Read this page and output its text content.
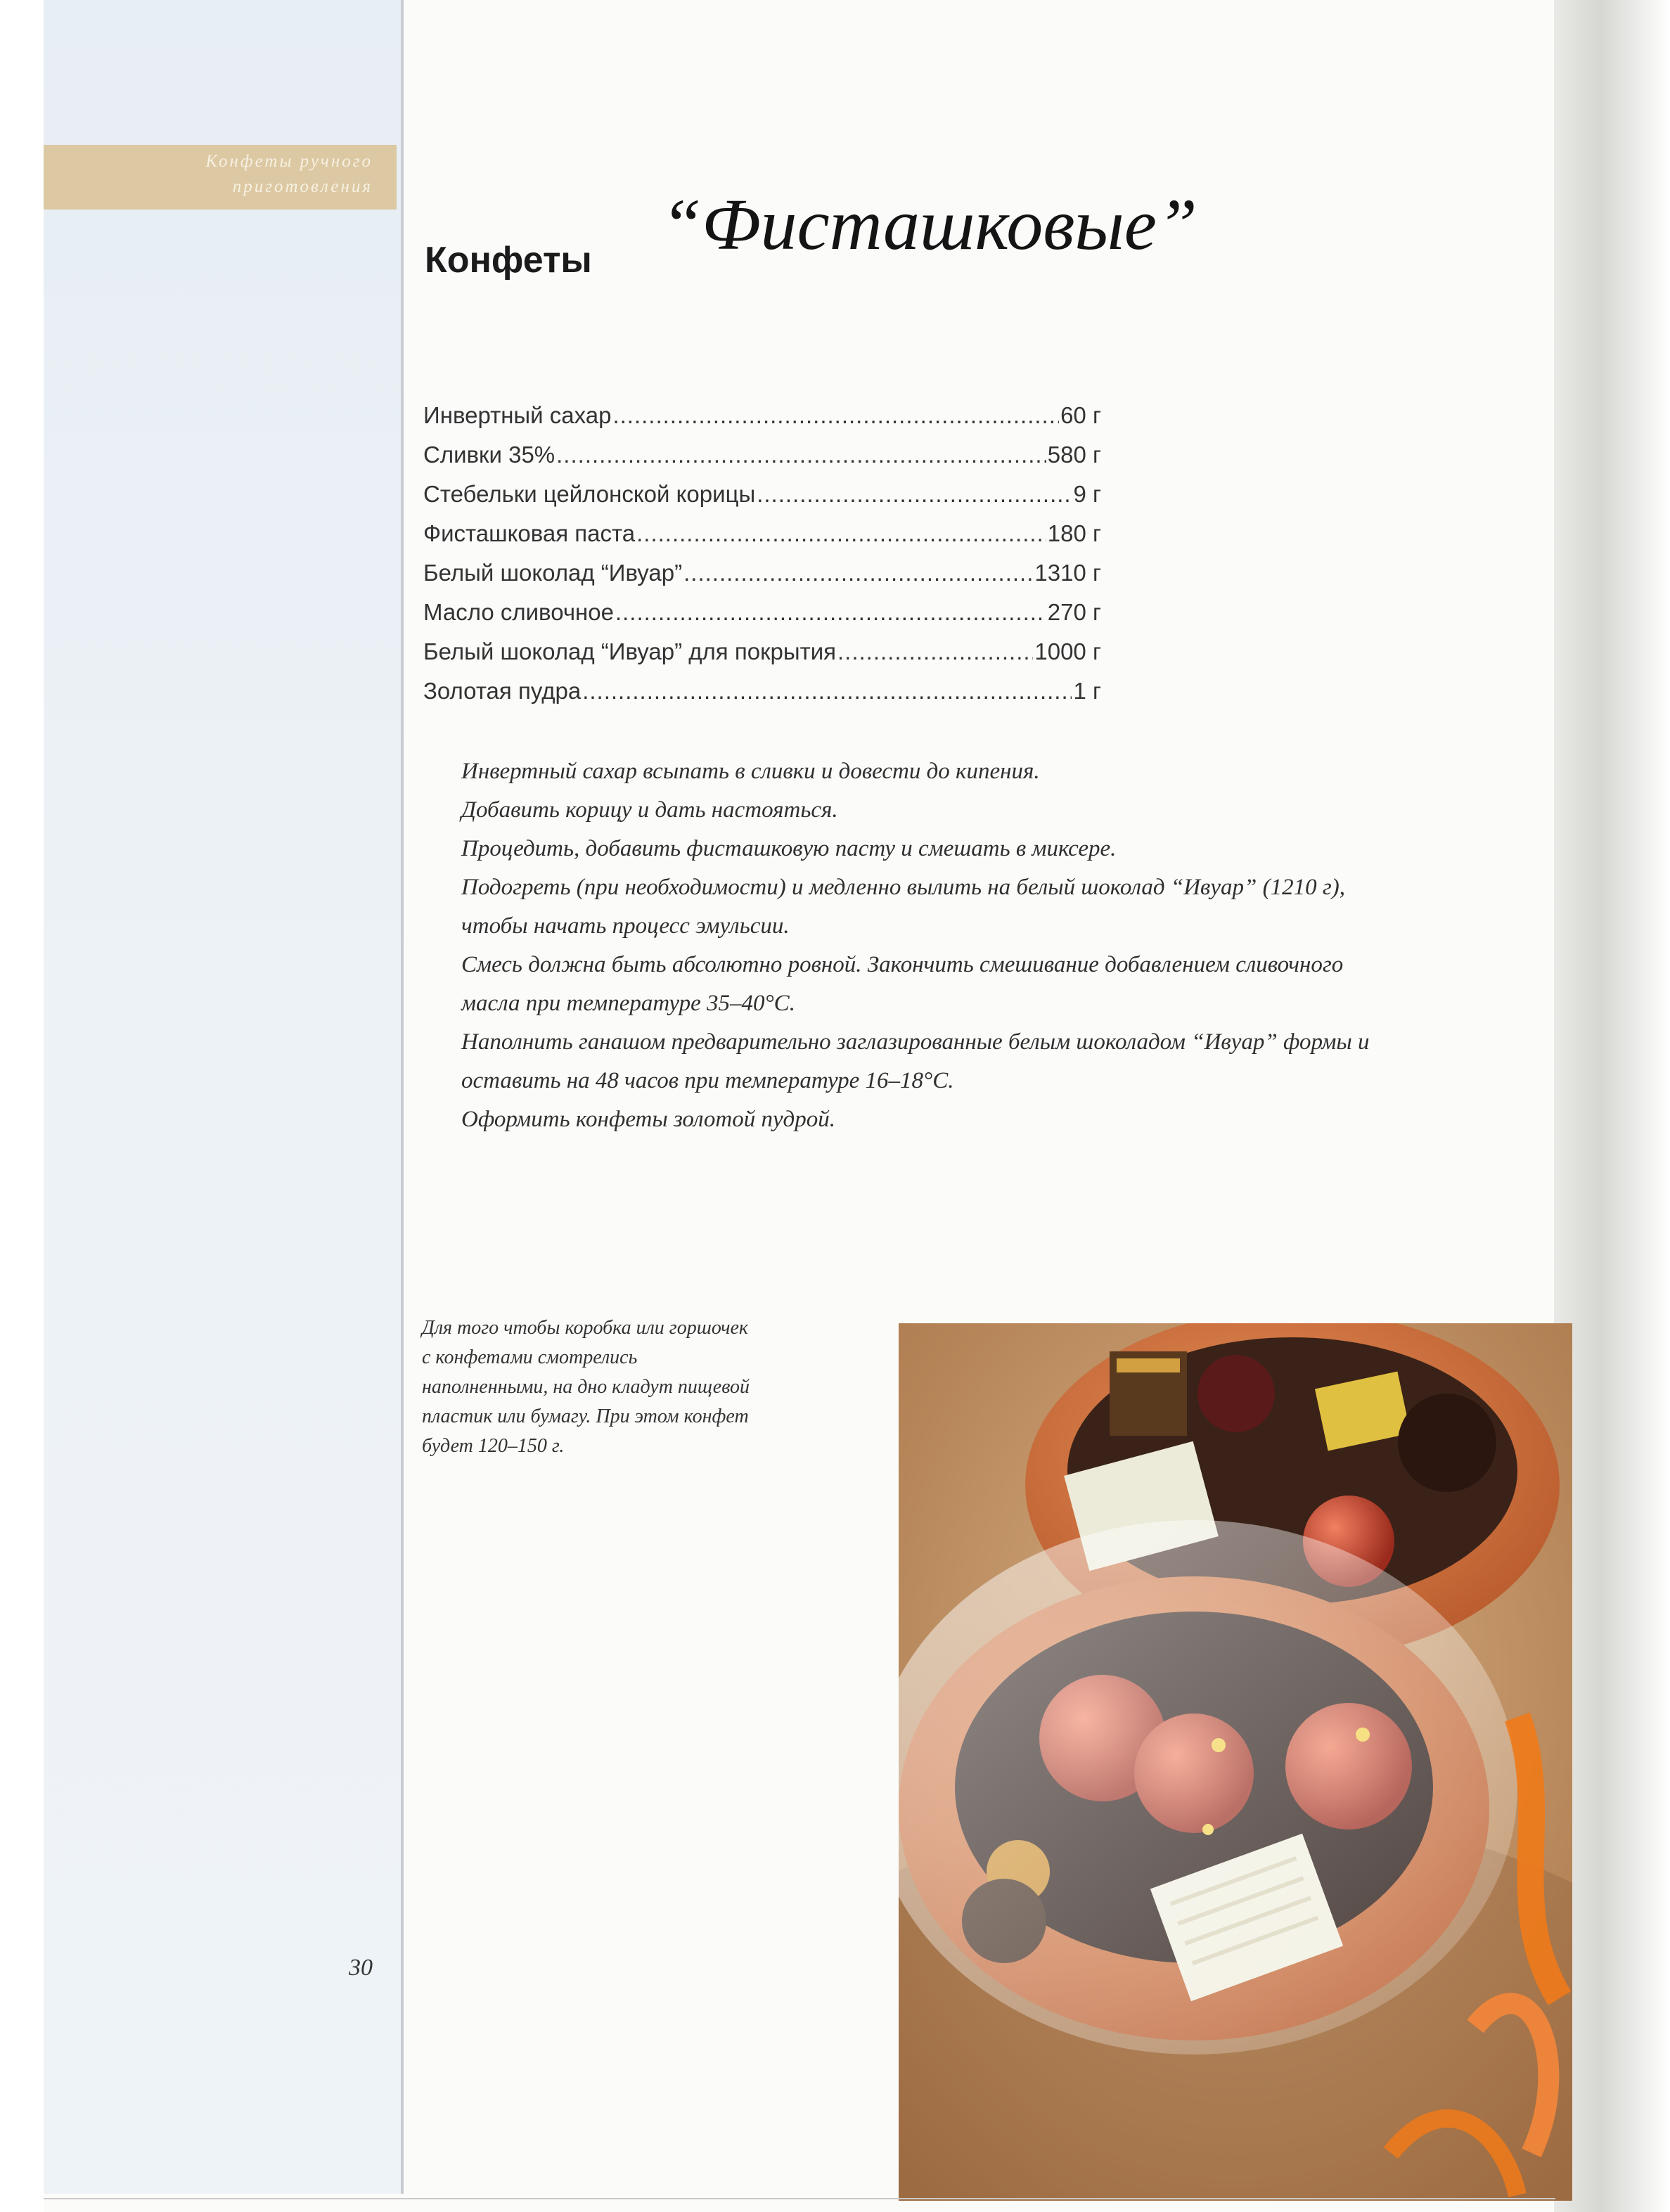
Конфеты ручного
приготовления
Конфеты “Фисташковые”
Инвертный сахар .....	60 г
Сливки 35% .....	580 г
Стебельки цейлонской корицы .....	9 г
Фисташковая паста .....	180 г
Белый шоколад “Ивуар” .....	1310 г
Масло сливочное .....	270 г
Белый шоколад “Ивуар” для покрытия .....	1000 г
Золотая пудра .....	1 г

Инвертный сахар всыпать в сливки и довести до кипения.

Добавить корицу и дать настояться.

Процедить, добавить фисташковую пасту и смешать в миксере.

Подогреть (при необходимости) и медленно вылить на белый шоколад “Ивуар” (1210 г),

чтобы начать процесс эмульсии.

Смесь должна быть абсолютно ровной. Закончить смешивание добавлением сливочного

масла при температуре 35–40°С.

Наполнить ганашом предварительно заглазированные белым шоколадом “Ивуар” формы и

оставить на 48 часов при температуре 16–18°С.

Оформить конфеты золотой пудрой.

Для того чтобы коробка или горшочек
с конфетами смотрелись
наполненными, на дно кладут пищевой
пластик или бумагу. При этом конфет
будет 120–150 г.
30
